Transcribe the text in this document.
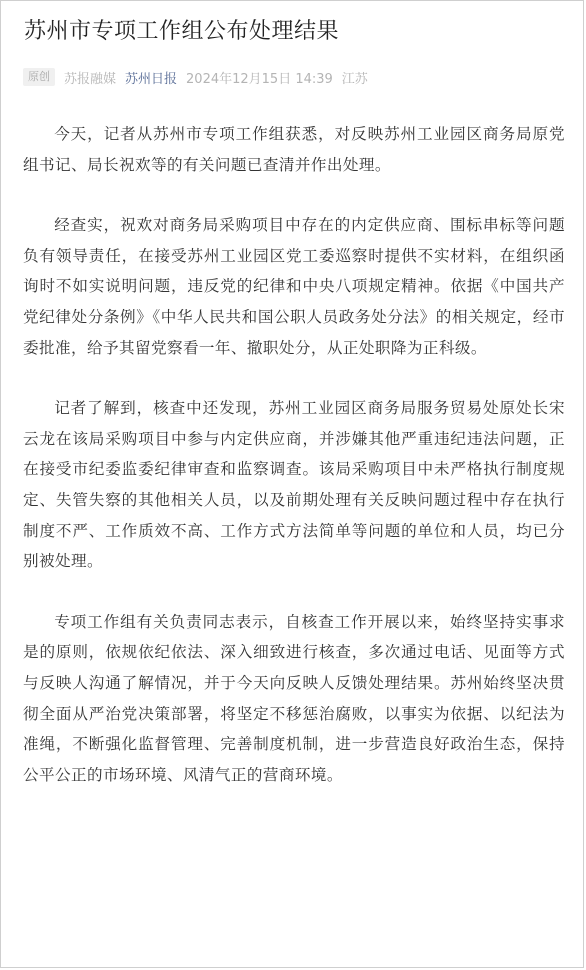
苏州市专项工作组公布处理结果
原创	苏报融媒 苏州日报 2024年12月15日 14:39 江苏

今天，记者从苏州市专项工作组获悉，对反映苏州工业园区商务局原党组书记、局长祝欢等的有关问题已查清并作出处理。

经查实，祝欢对商务局采购项目中存在的内定供应商、围标串标等问题负有领导责任，在接受苏州工业园区党工委巡察时提供不实材料，在组织函询时不如实说明问题，违反党的纪律和中央八项规定精神。依据《中国共产党纪律处分条例》《中华人民共和国公职人员政务处分法》的相关规定，经市委批准，给予其留党察看一年、撤职处分，从正处职降为正科级。

记者了解到，核查中还发现，苏州工业园区商务局服务贸易处原处长宋云龙在该局采购项目中参与内定供应商，并涉嫌其他严重违纪违法问题，正在接受市纪委监委纪律审查和监察调查。该局采购项目中未严格执行制度规定、失管失察的其他相关人员，以及前期处理有关反映问题过程中存在执行制度不严、工作质效不高、工作方式方法简单等问题的单位和人员，均已分别被处理。

专项工作组有关负责同志表示，自核查工作开展以来，始终坚持实事求是的原则，依规依纪依法、深入细致进行核查，多次通过电话、见面等方式与反映人沟通了解情况，并于今天向反映人反馈处理结果。苏州始终坚决贯彻全面从严治党决策部署，将坚定不移惩治腐败，以事实为依据、以纪法为准绳，不断强化监督管理、完善制度机制，进一步营造良好政治生态，保持公平公正的市场环境、风清气正的营商环境。
